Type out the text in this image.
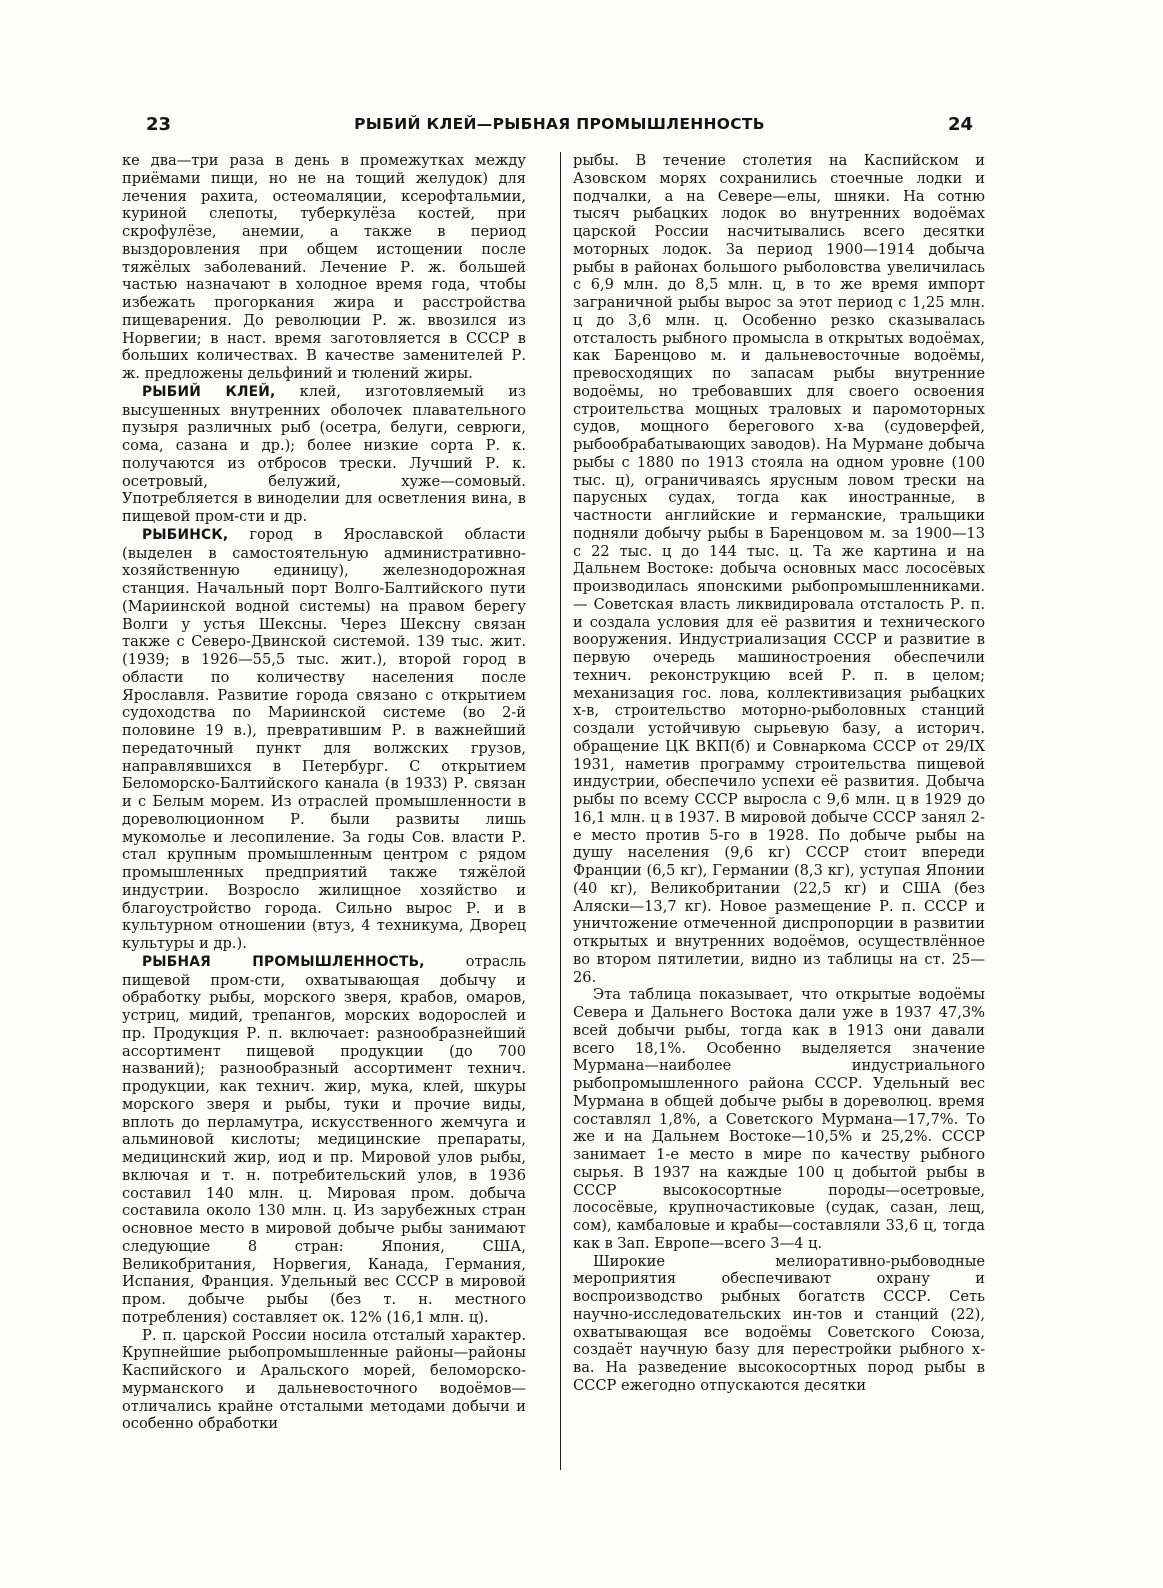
23	РЫБИЙ КЛЕЙ—РЫБНАЯ ПРОМЫШЛЕННОСТЬ	24

ке два—три раза в день в промежутках между приёмами пищи, но не на тощий желудок) для лечения рахита, остеомаляции, ксерофтальмии, куриной слепоты, туберкулёза костей, при скрофулёзе, анемии, а также в период выздоровления при общем истощении после тяжёлых заболеваний. Лечение Р. ж. большей частью назначают в холодное время года, чтобы избежать прогоркания жира и расстройства пищеварения. До революции Р. ж. ввозился из Норвегии; в наст. время заготовляется в СССР в больших количествах. В качестве заменителей Р. ж. предложены дельфиний и тюлений жиры.

РЫБИЙ КЛЕЙ, клей, изготовляемый из высушенных внутренних оболочек плавательного пузыря различных рыб (осетра, белуги, севрюги, сома, сазана и др.); более низкие сорта Р. к. получаются из отбросов трески. Лучший Р. к. осетровый, белужий, хуже—сомовый. Употребляется в виноделии для осветления вина, в пищевой пром-сти и др.

РЫБИНСК, город в Ярославской области (выделен в самостоятельную административно-хозяйственную единицу), железнодорожная станция. Начальный порт Волго-Балтийского пути (Мариинской водной системы) на правом берегу Волги у устья Шексны. Через Шексну связан также с Северо-Двинской системой. 139 тыс. жит. (1939; в 1926—55,5 тыс. жит.), второй город в области по количеству населения после Ярославля. Развитие города связано с открытием судоходства по Мариинской системе (во 2-й половине 19 в.), превратившим Р. в важнейший передаточный пункт для волжских грузов, направлявшихся в Петербург. С открытием Беломорско-Балтийского канала (в 1933) Р. связан и с Белым морем. Из отраслей промышленности в дореволюционном Р. были развиты лишь мукомолье и лесопиление. За годы Сов. власти Р. стал крупным промышленным центром с рядом промышленных предприятий также тяжёлой индустрии. Возросло жилищное хозяйство и благоустройство города. Сильно вырос Р. и в культурном отношении (втуз, 4 техникума, Дворец культуры и др.).

РЫБНАЯ ПРОМЫШЛЕННОСТЬ, отрасль пищевой пром-сти, охватывающая добычу и обработку рыбы, морского зверя, крабов, омаров, устриц, мидий, трепангов, морских водорослей и пр. Продукция Р. п. включает: разнообразнейший ассортимент пищевой продукции (до 700 названий); разнообразный ассортимент технич. продукции, как технич. жир, мука, клей, шкуры морского зверя и рыбы, туки и прочие виды, вплоть до перламутра, искусственного жемчуга и альминовой кислоты; медицинские препараты, медицинский жир, иод и пр. Мировой улов рыбы, включая и т. н. потребительский улов, в 1936 составил 140 млн. ц. Мировая пром. добыча составила около 130 млн. ц. Из зарубежных стран основное место в мировой добыче рыбы занимают следующие 8 стран: Япония, США, Великобритания, Норвегия, Канада, Германия, Испания, Франция. Удельный вес СССР в мировой пром. добыче рыбы (без т. н. местного потребления) составляет ок. 12% (16,1 млн. ц).

Р. п. царской России носила отсталый характер. Крупнейшие рыбопромышленные районы—районы Каспийского и Аральского морей, беломорско-мурманского и дальневосточного водоёмов—отличались крайне отсталыми методами добычи и особенно обработки

рыбы. В течение столетия на Каспийском и Азовском морях сохранились стоечные лодки и подчалки, а на Севере—елы, шняки. На сотню тысяч рыбацких лодок во внутренних водоёмах царской России насчитывались всего десятки моторных лодок. За период 1900—1914 добыча рыбы в районах большого рыболовства увеличилась с 6,9 млн. до 8,5 млн. ц, в то же время импорт заграничной рыбы вырос за этот период с 1,25 млн. ц до 3,6 млн. ц. Особенно резко сказывалась отсталость рыбного промысла в открытых водоёмах, как Баренцово м. и дальневосточные водоёмы, превосходящих по запасам рыбы внутренние водоёмы, но требовавших для своего освоения строительства мощных траловых и паромоторных судов, мощного берегового х-ва (судоверфей, рыбообрабатывающих заводов). На Мурмане добыча рыбы с 1880 по 1913 стояла на одном уровне (100 тыс. ц), ограничиваясь ярусным ловом трески на парусных судах, тогда как иностранные, в частности английские и германские, тральщики подняли добычу рыбы в Баренцовом м. за 1900—13 с 22 тыс. ц до 144 тыс. ц. Та же картина и на Дальнем Востоке: добыча основных масс лососёвых производилась японскими рыбопромышленниками. — Советская власть ликвидировала отсталость Р. п. и создала условия для её развития и технического вооружения. Индустриализация СССР и развитие в первую очередь машиностроения обеспечили технич. реконструкцию всей Р. п. в целом; механизация гос. лова, коллективизация рыбацких х-в, строительство моторно-рыболовных станций создали устойчивую сырьевую базу, а историч. обращение ЦК ВКП(б) и Совнаркома СССР от 29/IX 1931, наметив программу строительства пищевой индустрии, обеспечило успехи её развития. Добыча рыбы по всему СССР выросла с 9,6 млн. ц в 1929 до 16,1 млн. ц в 1937. В мировой добыче СССР занял 2-е место против 5-го в 1928. По добыче рыбы на душу населения (9,6 кг) СССР стоит впереди Франции (6,5 кг), Германии (8,3 кг), уступая Японии (40 кг), Великобритании (22,5 кг) и США (без Аляски—13,7 кг). Новое размещение Р. п. СССР и уничтожение отмеченной диспропорции в развитии открытых и внутренних водоёмов, осуществлённое во втором пятилетии, видно из таблицы на ст. 25—26.

Эта таблица показывает, что открытые водоёмы Севера и Дальнего Востока дали уже в 1937 47,3% всей добычи рыбы, тогда как в 1913 они давали всего 18,1%. Особенно выделяется значение Мурмана—наиболее индустриального рыбопромышленного района СССР. Удельный вес Мурмана в общей добыче рыбы в дореволюц. время составлял 1,8%, а Советского Мурмана—17,7%. То же и на Дальнем Востоке—10,5% и 25,2%. СССР занимает 1-е место в мире по качеству рыбного сырья. В 1937 на каждые 100 ц добытой рыбы в СССР высокосортные породы—осетровые, лососёвые, крупночастиковые (судак, сазан, лещ, сом), камбаловые и крабы—составляли 33,6 ц, тогда как в Зап. Европе—всего 3—4 ц.

Широкие мелиоративно-рыбоводные мероприятия обеспечивают охрану и воспроизводство рыбных богатств СССР. Сеть научно-исследовательских ин-тов и станций (22), охватывающая все водоёмы Советского Союза, создаёт научную базу для перестройки рыбного х-ва. На разведение высокосортных пород рыбы в СССР ежегодно отпускаются десятки
